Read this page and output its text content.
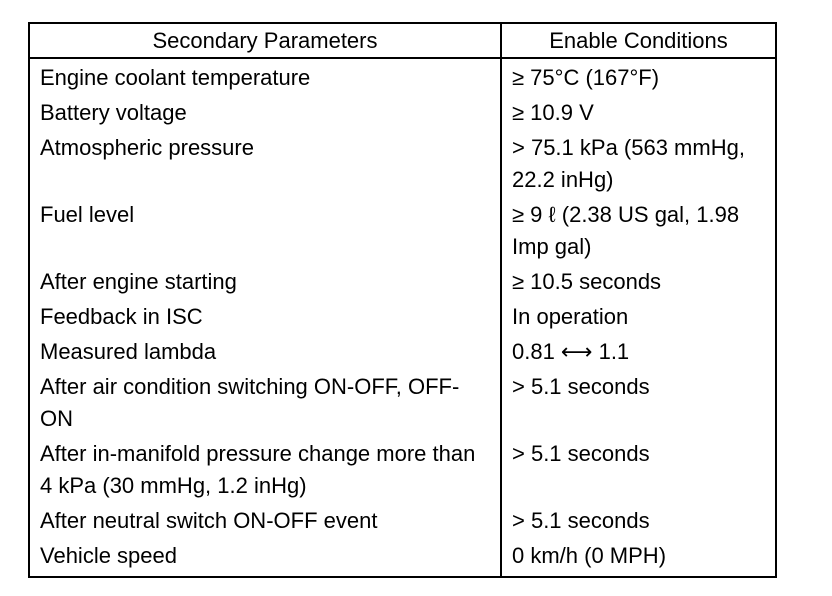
Secondary Parameters	Enable Conditions
Engine coolant temperature	≥ 75°C (167°F)
Battery voltage	≥ 10.9 V
Atmospheric pressure	> 75.1 kPa (563 mmHg, 22.2 inHg)
Fuel level	≥ 9 ℓ (2.38 US gal, 1.98 Imp gal)
After engine starting	≥ 10.5 seconds
Feedback in ISC	In operation
Measured lambda	0.81 ⟷ 1.1
After air condition switching ON-OFF, OFF-ON	> 5.1 seconds
After in-manifold pressure change more than 4 kPa (30 mmHg, 1.2 inHg)	> 5.1 seconds
After neutral switch ON-OFF event	> 5.1 seconds
Vehicle speed	0 km/h (0 MPH)
